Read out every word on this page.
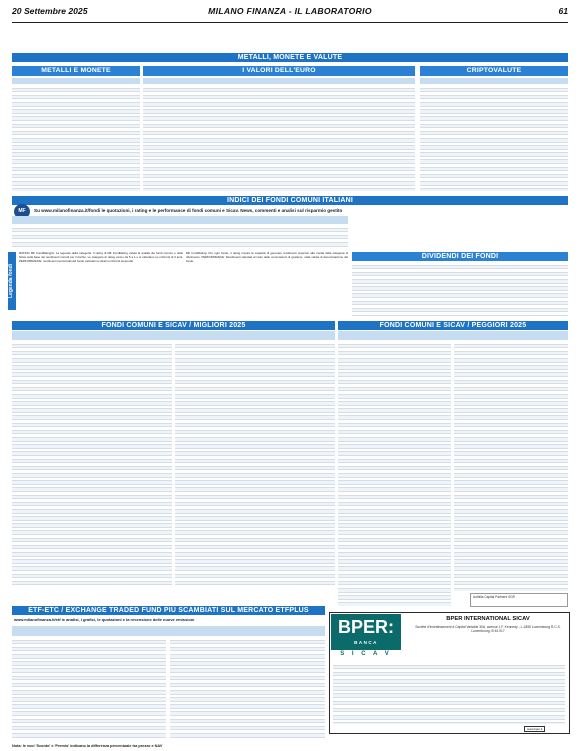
20 Settembre 2025	MILANO FINANZA - IL LABORATORIO	61
METALLI, MONETE E VALUTE
METALLI E MONETE	I VALORI DELL'EURO	CRIPTOVALUTE
INDICI DEI FONDI COMUNI ITALIANI
MF	Su www.milanofinanza.it/fondi le quotazioni, i rating e le performance di fondi comuni e Sicav. News, commenti e analisi sul risparmio gestito
DIVIDENDI DEI FONDI
Legenda fondi
RATING MF FundRating/A. La legenda della categoria. Il rating di MF FundRating valuta la qualità dei fondi comuni e delle Sicav sulla base dei rendimenti corretti per il rischio. Le categorie di rating vanno da 5 a 1 e si calcolano su orizzonti di 3 anni. PERFORMANCE: rendimenti percentuali del fondo calcolati su diversi orizzonti temporali.
MF FundRating: Per ogni fondo, il rating misura la capacità di generare rendimenti superiori alla media della categoria di riferimento. PERFORMANCE: Rendimenti calcolati al netto delle commissioni di gestione, nella valuta di denominazione del fondo.
FONDI COMUNI E SICAV / MIGLIORI 2025	FONDI COMUNI E SICAV / PEGGIORI 2025
Anthilia Capital Partners SGR
ETF-ETC / EXCHANGE TRADED FUND PIÙ SCAMBIATI SUL MERCATO ETFPLUS
www.milanofinanza.it/etf le analisi, i grafici, le quotazioni e la recensione delle nuove emissioni	BPER:
BANCA
S I C A V
BPER INTERNATIONAL SICAV
Société d'Investissement à Capital Variable 30A, avenue J.F. Kennedy - L-1855 Luxembourg R.C.S. Luxembourg: B 61.917
www.bper.it
Nota: le voci 'Sconto' e 'Premio' indicano la differenza percentuale tra prezzo e NAV
